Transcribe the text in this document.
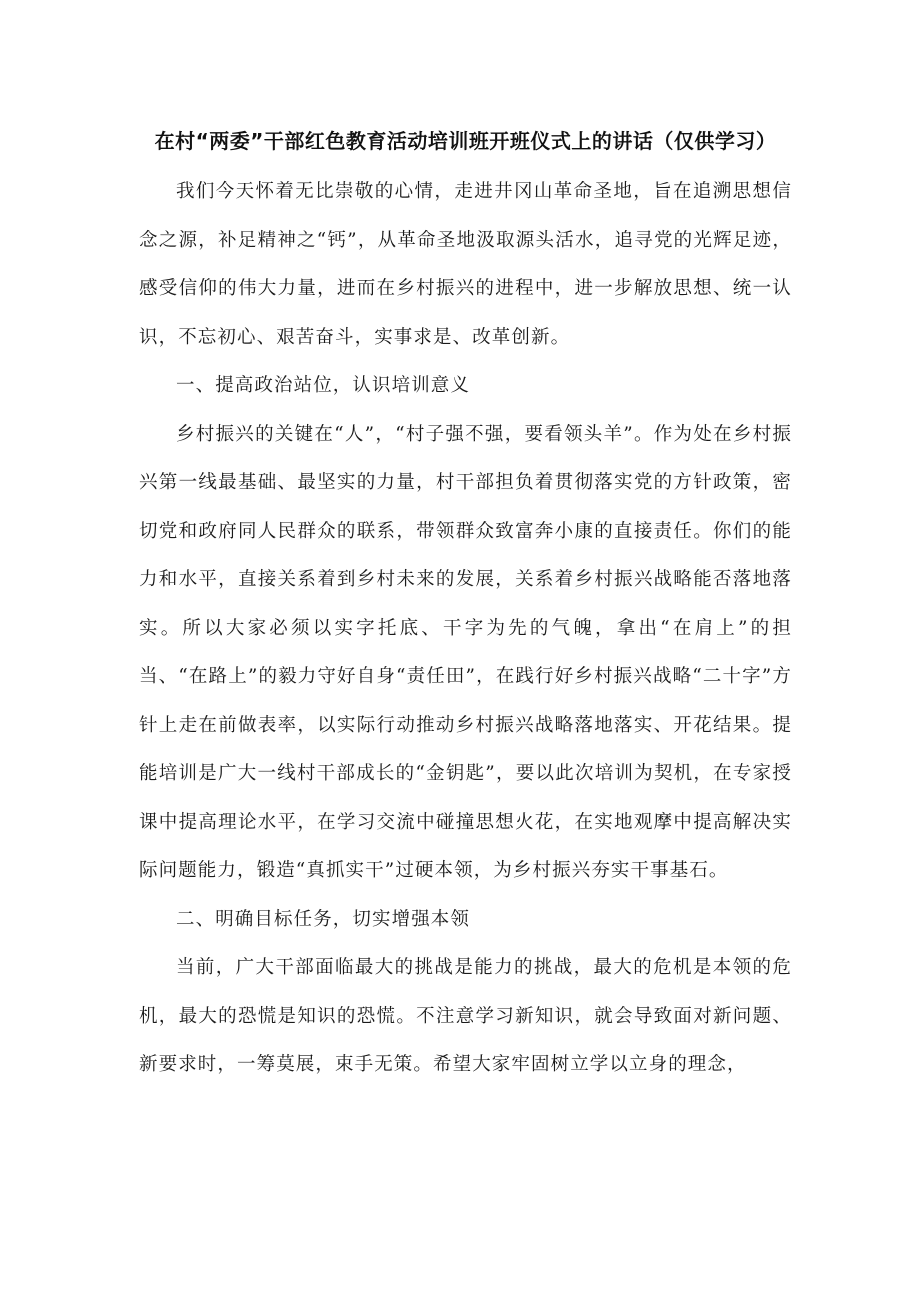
在村“两委”干部红色教育活动培训班开班仪式上的讲话（仅供学习）

我们今天怀着无比崇敬的心情，走进井冈山革命圣地，旨在追溯思想信念之源，补足精神之“钙”，从革命圣地汲取源头活水，追寻党的光辉足迹，感受信仰的伟大力量，进而在乡村振兴的进程中，进一步解放思想、统一认识，不忘初心、艰苦奋斗，实事求是、改革创新。

一、提高政治站位，认识培训意义

乡村振兴的关键在“人”，“村子强不强，要看领头羊”。作为处在乡村振兴第一线最基础、最坚实的力量，村干部担负着贯彻落实党的方针政策，密切党和政府同人民群众的联系，带领群众致富奔小康的直接责任。你们的能力和水平，直接关系着到乡村未来的发展，关系着乡村振兴战略能否落地落实。所以大家必须以实字托底、干字为先的气魄，拿出“在肩上”的担当、“在路上”的毅力守好自身“责任田”，在践行好乡村振兴战略“二十字”方针上走在前做表率，以实际行动推动乡村振兴战略落地落实、开花结果。提能培训是广大一线村干部成长的“金钥匙”，要以此次培训为契机，在专家授课中提高理论水平，在学习交流中碰撞思想火花，在实地观摩中提高解决实际问题能力，锻造“真抓实干”过硬本领，为乡村振兴夯实干事基石。

二、明确目标任务，切实增强本领

当前，广大干部面临最大的挑战是能力的挑战，最大的危机是本领的危机，最大的恐慌是知识的恐慌。不注意学习新知识，就会导致面对新问题、新要求时，一筹莫展，束手无策。希望大家牢固树立学以立身的理念，
